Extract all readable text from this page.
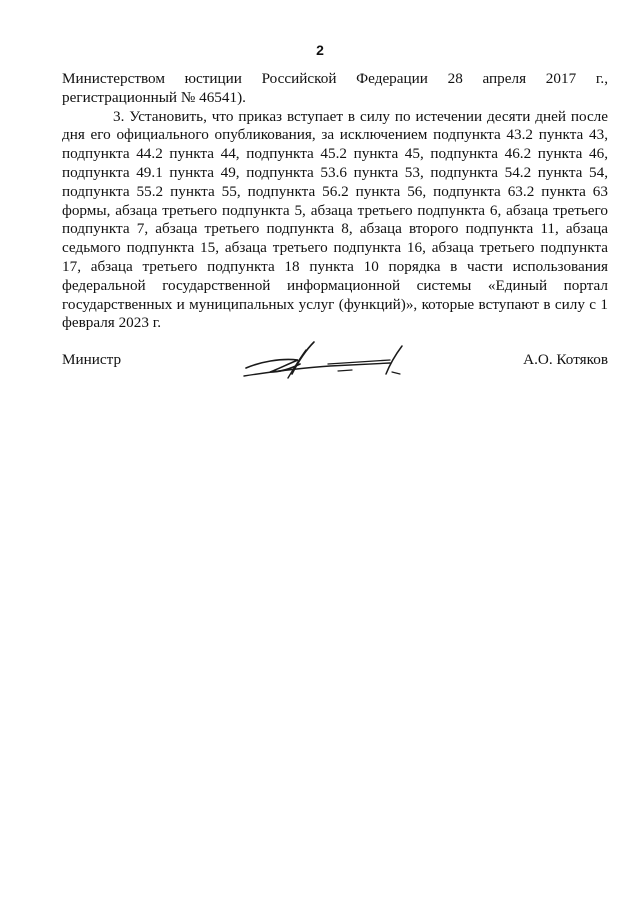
2

Министерством юстиции Российской Федерации 28 апреля 2017 г., регистрационный № 46541).

3. Установить, что приказ вступает в силу по истечении десяти дней после дня его официального опубликования, за исключением подпункта 43.2 пункта 43, подпункта 44.2 пункта 44, подпункта 45.2 пункта 45, подпункта 46.2 пункта 46, подпункта 49.1 пункта 49, подпункта 53.6 пункта 53, подпункта 54.2 пункта 54, подпункта 55.2 пункта 55, подпункта 56.2 пункта 56, подпункта 63.2 пункта 63 формы, абзаца третьего подпункта 5, абзаца третьего подпункта 6, абзаца третьего подпункта 7, абзаца третьего подпункта 8, абзаца второго подпункта 11, абзаца седьмого подпункта 15, абзаца третьего подпункта 16, абзаца третьего подпункта 17, абзаца третьего подпункта 18 пункта 10 порядка в части использования федеральной государственной информационной системы «Единый портал государственных и муниципальных услуг (функций)», которые вступают в силу с 1 февраля 2023 г.

Министр	А.О. Котяков
